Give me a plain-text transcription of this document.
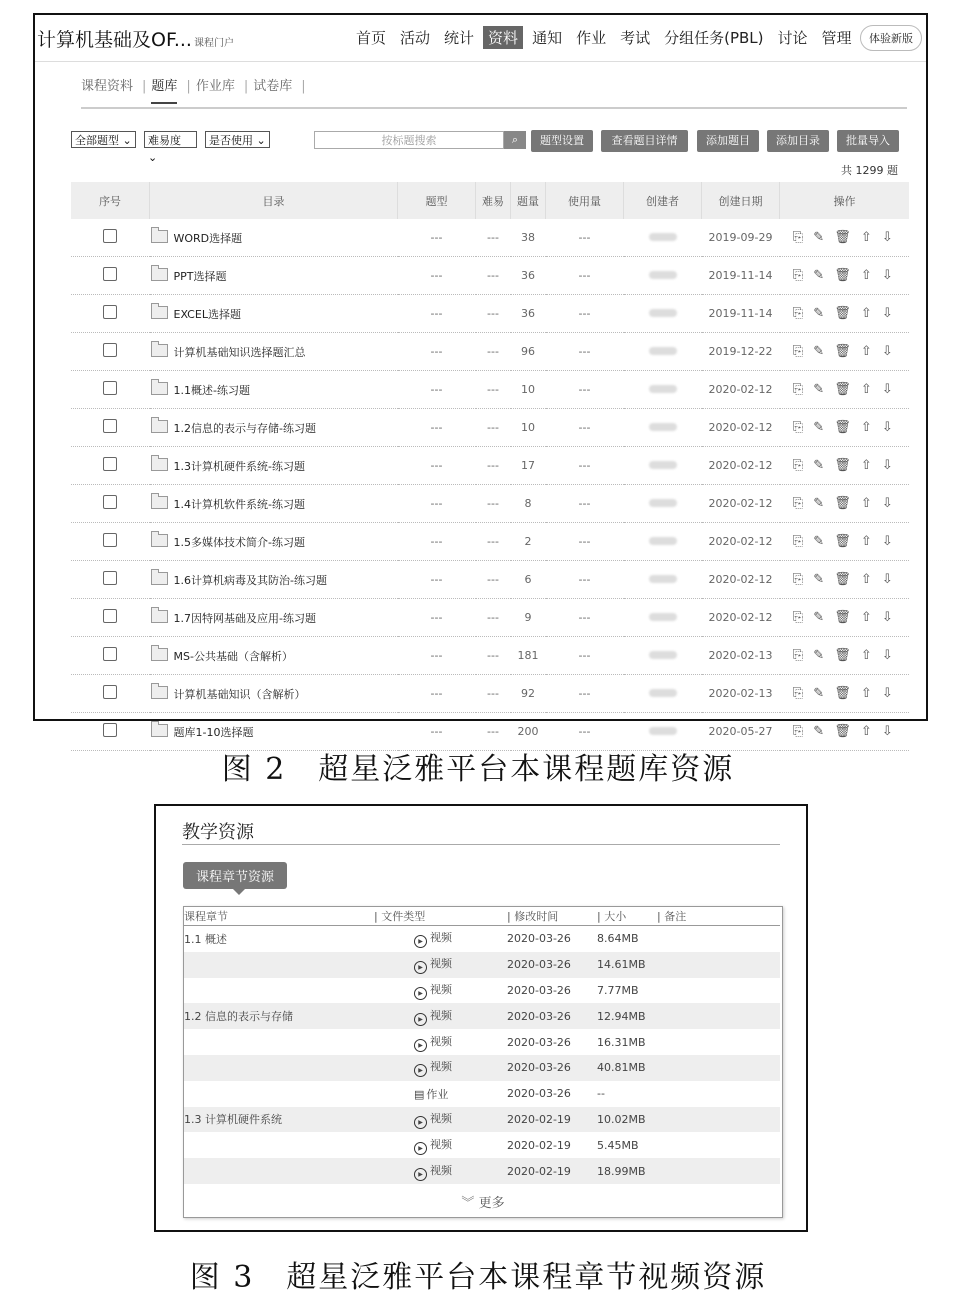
计算机基础及OF... 课程门户	首页 活动 统计 资料 通知 作业 考试 分组任务(PBL) 讨论 管理	体验新版
课程资料 | 题库 | 作业库 | 试卷库 |
全部题型 ⌄	难易度 ⌄
是否使用 ⌄	按标题搜索	⌕	题型设置	查看题目详情	添加题目	添加目录	批量导入
共 1299 题
序号	目录	题型	难易	题量	使用量	创建者	创建日期	操作
	WORD选择题	---	---	38	---		2019-09-29	⎘ ✎ 🗑 ⇧ ⇩
	PPT选择题	---	---	36	---		2019-11-14	⎘ ✎ 🗑 ⇧ ⇩
	EXCEL选择题	---	---	36	---		2019-11-14	⎘ ✎ 🗑 ⇧ ⇩
	计算机基础知识选择题汇总	---	---	96	---		2019-12-22	⎘ ✎ 🗑 ⇧ ⇩
	1.1概述-练习题	---	---	10	---		2020-02-12	⎘ ✎ 🗑 ⇧ ⇩
	1.2信息的表示与存储-练习题	---	---	10	---		2020-02-12	⎘ ✎ 🗑 ⇧ ⇩
	1.3计算机硬件系统-练习题	---	---	17	---		2020-02-12	⎘ ✎ 🗑 ⇧ ⇩
	1.4计算机软件系统-练习题	---	---	8	---		2020-02-12	⎘ ✎ 🗑 ⇧ ⇩
	1.5多媒体技术简介-练习题	---	---	2	---		2020-02-12	⎘ ✎ 🗑 ⇧ ⇩
	1.6计算机病毒及其防治-练习题	---	---	6	---		2020-02-12	⎘ ✎ 🗑 ⇧ ⇩
	1.7因特网基础及应用-练习题	---	---	9	---		2020-02-12	⎘ ✎ 🗑 ⇧ ⇩
	MS-公共基础（含解析）	---	---	181	---		2020-02-13	⎘ ✎ 🗑 ⇧ ⇩
	计算机基础知识（含解析）	---	---	92	---		2020-02-13	⎘ ✎ 🗑 ⇧ ⇩
	题库1-10选择题	---	---	200	---		2020-05-27	⎘ ✎ 🗑 ⇧ ⇩
图 2　超星泛雅平台本课程题库资源
教学资源
课程章节资源
课程章节	| 文件类型	| 修改时间	| 大小	| 备注
1.1 概述	▶ 视频	2020-03-26	8.64MB	
	▶ 视频	2020-03-26	14.61MB	
	▶ 视频	2020-03-26	7.77MB	
1.2 信息的表示与存储	▶ 视频	2020-03-26	12.94MB	
	▶ 视频	2020-03-26	16.31MB	
	▶ 视频	2020-03-26	40.81MB	
	▤ 作业	2020-03-26	--	
1.3 计算机硬件系统	▶ 视频	2020-02-19	10.02MB	
	▶ 视频	2020-02-19	5.45MB	
	▶ 视频	2020-02-19	18.99MB	
︾ 更多
图 3　超星泛雅平台本课程章节视频资源
